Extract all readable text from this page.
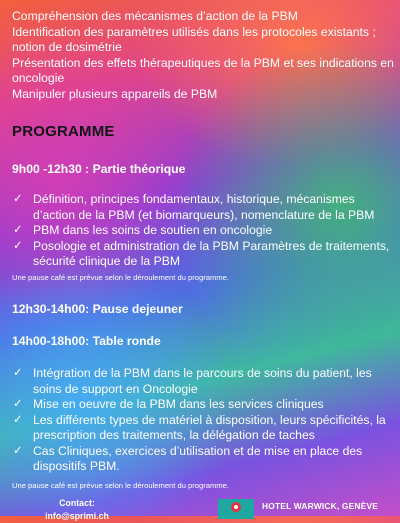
Compréhension des mécanismes d’action de la PBM
Identification des paramètres utilisés dans les protocoles existants ; notion de dosimétrie
Présentation des effets thérapeutiques de la PBM et ses indications en oncologie
Manipuler plusieurs appareils de PBM
PROGRAMME
9h00 -12h30 : Partie théorique
✓ Définition, principes fondamentaux, historique, mécanismes d’action de la PBM (et biomarqueurs), nomenclature de la PBM
✓ PBM dans les soins de soutien en oncologie
✓ Posologie et administration de la PBM Paramètres de traitements, sécurité clinique de la PBM
Une pause café est prévue selon le déroulement du programme.
12h30-14h00: Pause dejeuner
14h00-18h00: Table ronde
✓ Intégration de la PBM dans le parcours de soins du patient, les soins de support en Oncologie
✓ Mise en oeuvre de la PBM dans les services cliniques
✓ Les différents types de matériel à disposition, leurs spécificités, la prescription des traitements, la délégation de taches
✓ Cas Cliniques, exercices d’utilisation et de mise en place des dispositifs PBM.
Une pause café est prévue selon le déroulement du programme.
Contact:
info@sprimi.ch
HOTEL WARWICK, GENÈVE
